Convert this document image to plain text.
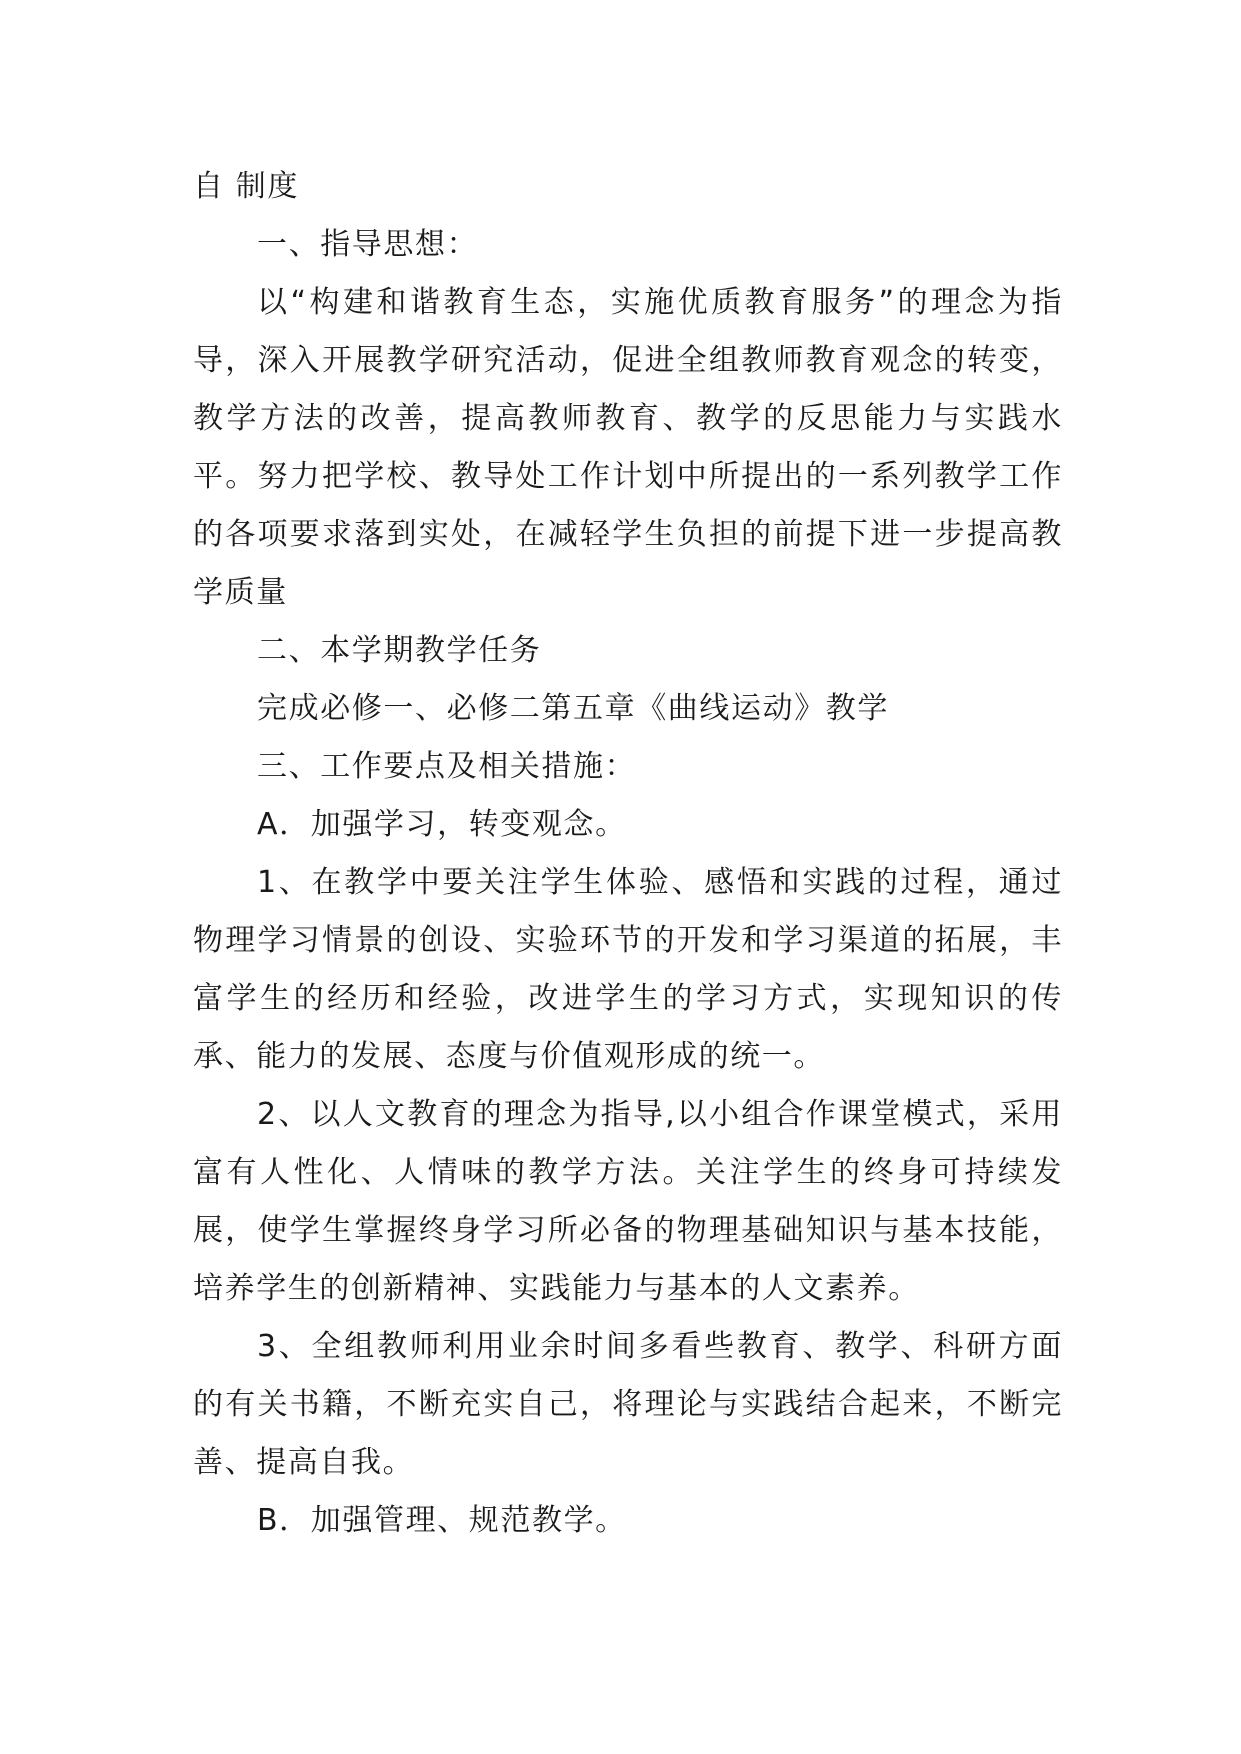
自 制度

一、指导思想：

以“构建和谐教育生态，实施优质教育服务”的理念为指导，深入开展教学研究活动，促进全组教师教育观念的转变，教学方法的改善，提高教师教育、教学的反思能力与实践水平。努力把学校、教导处工作计划中所提出的一系列教学工作的各项要求落到实处，在减轻学生负担的前提下进一步提高教学质量

二、本学期教学任务

完成必修一、必修二第五章《曲线运动》教学

三、工作要点及相关措施：

A．加强学习，转变观念。

1、在教学中要关注学生体验、感悟和实践的过程，通过物理学习情景的创设、实验环节的开发和学习渠道的拓展，丰富学生的经历和经验，改进学生的学习方式，实现知识的传承、能力的发展、态度与价值观形成的统一。

2、以人文教育的理念为指导,以小组合作课堂模式，采用富有人性化、人情味的教学方法。关注学生的终身可持续发展，使学生掌握终身学习所必备的物理基础知识与基本技能，培养学生的创新精神、实践能力与基本的人文素养。

3、全组教师利用业余时间多看些教育、教学、科研方面的有关书籍，不断充实自己，将理论与实践结合起来，不断完善、提高自我。

B．加强管理、规范教学。
